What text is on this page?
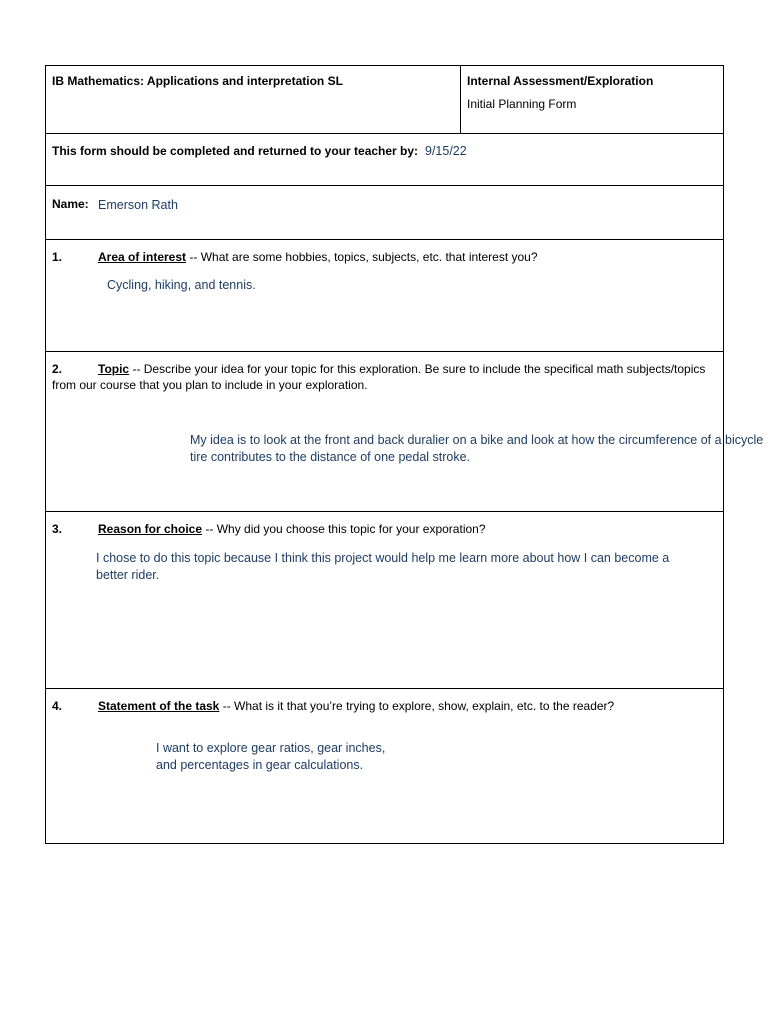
IB Mathematics: Applications and interpretation SL	Internal Assessment/Exploration
Initial Planning Form
This form should be completed and returned to your teacher by: 9/15/22
Name: Emerson Rath
1.	Area of interest -- What are some hobbies, topics, subjects, etc. that interest you?
Cycling, hiking, and tennis.
2.	Topic -- Describe your idea for your topic for this exploration. Be sure to include the specifical math subjects/topics
from our course that you plan to include in your exploration.
My idea is to look at the front and back duralier on a bike and look at how the circumference of a bicycle
tire contributes to the distance of one pedal stroke.
3.	Reason for choice -- Why did you choose this topic for your exporation?
I chose to do this topic because I think this project would help me learn more about how I can become a
better rider.
4.	Statement of the task -- What is it that you’re trying to explore, show, explain, etc. to the reader?
I want to explore gear ratios, gear inches,
and percentages in gear calculations.
